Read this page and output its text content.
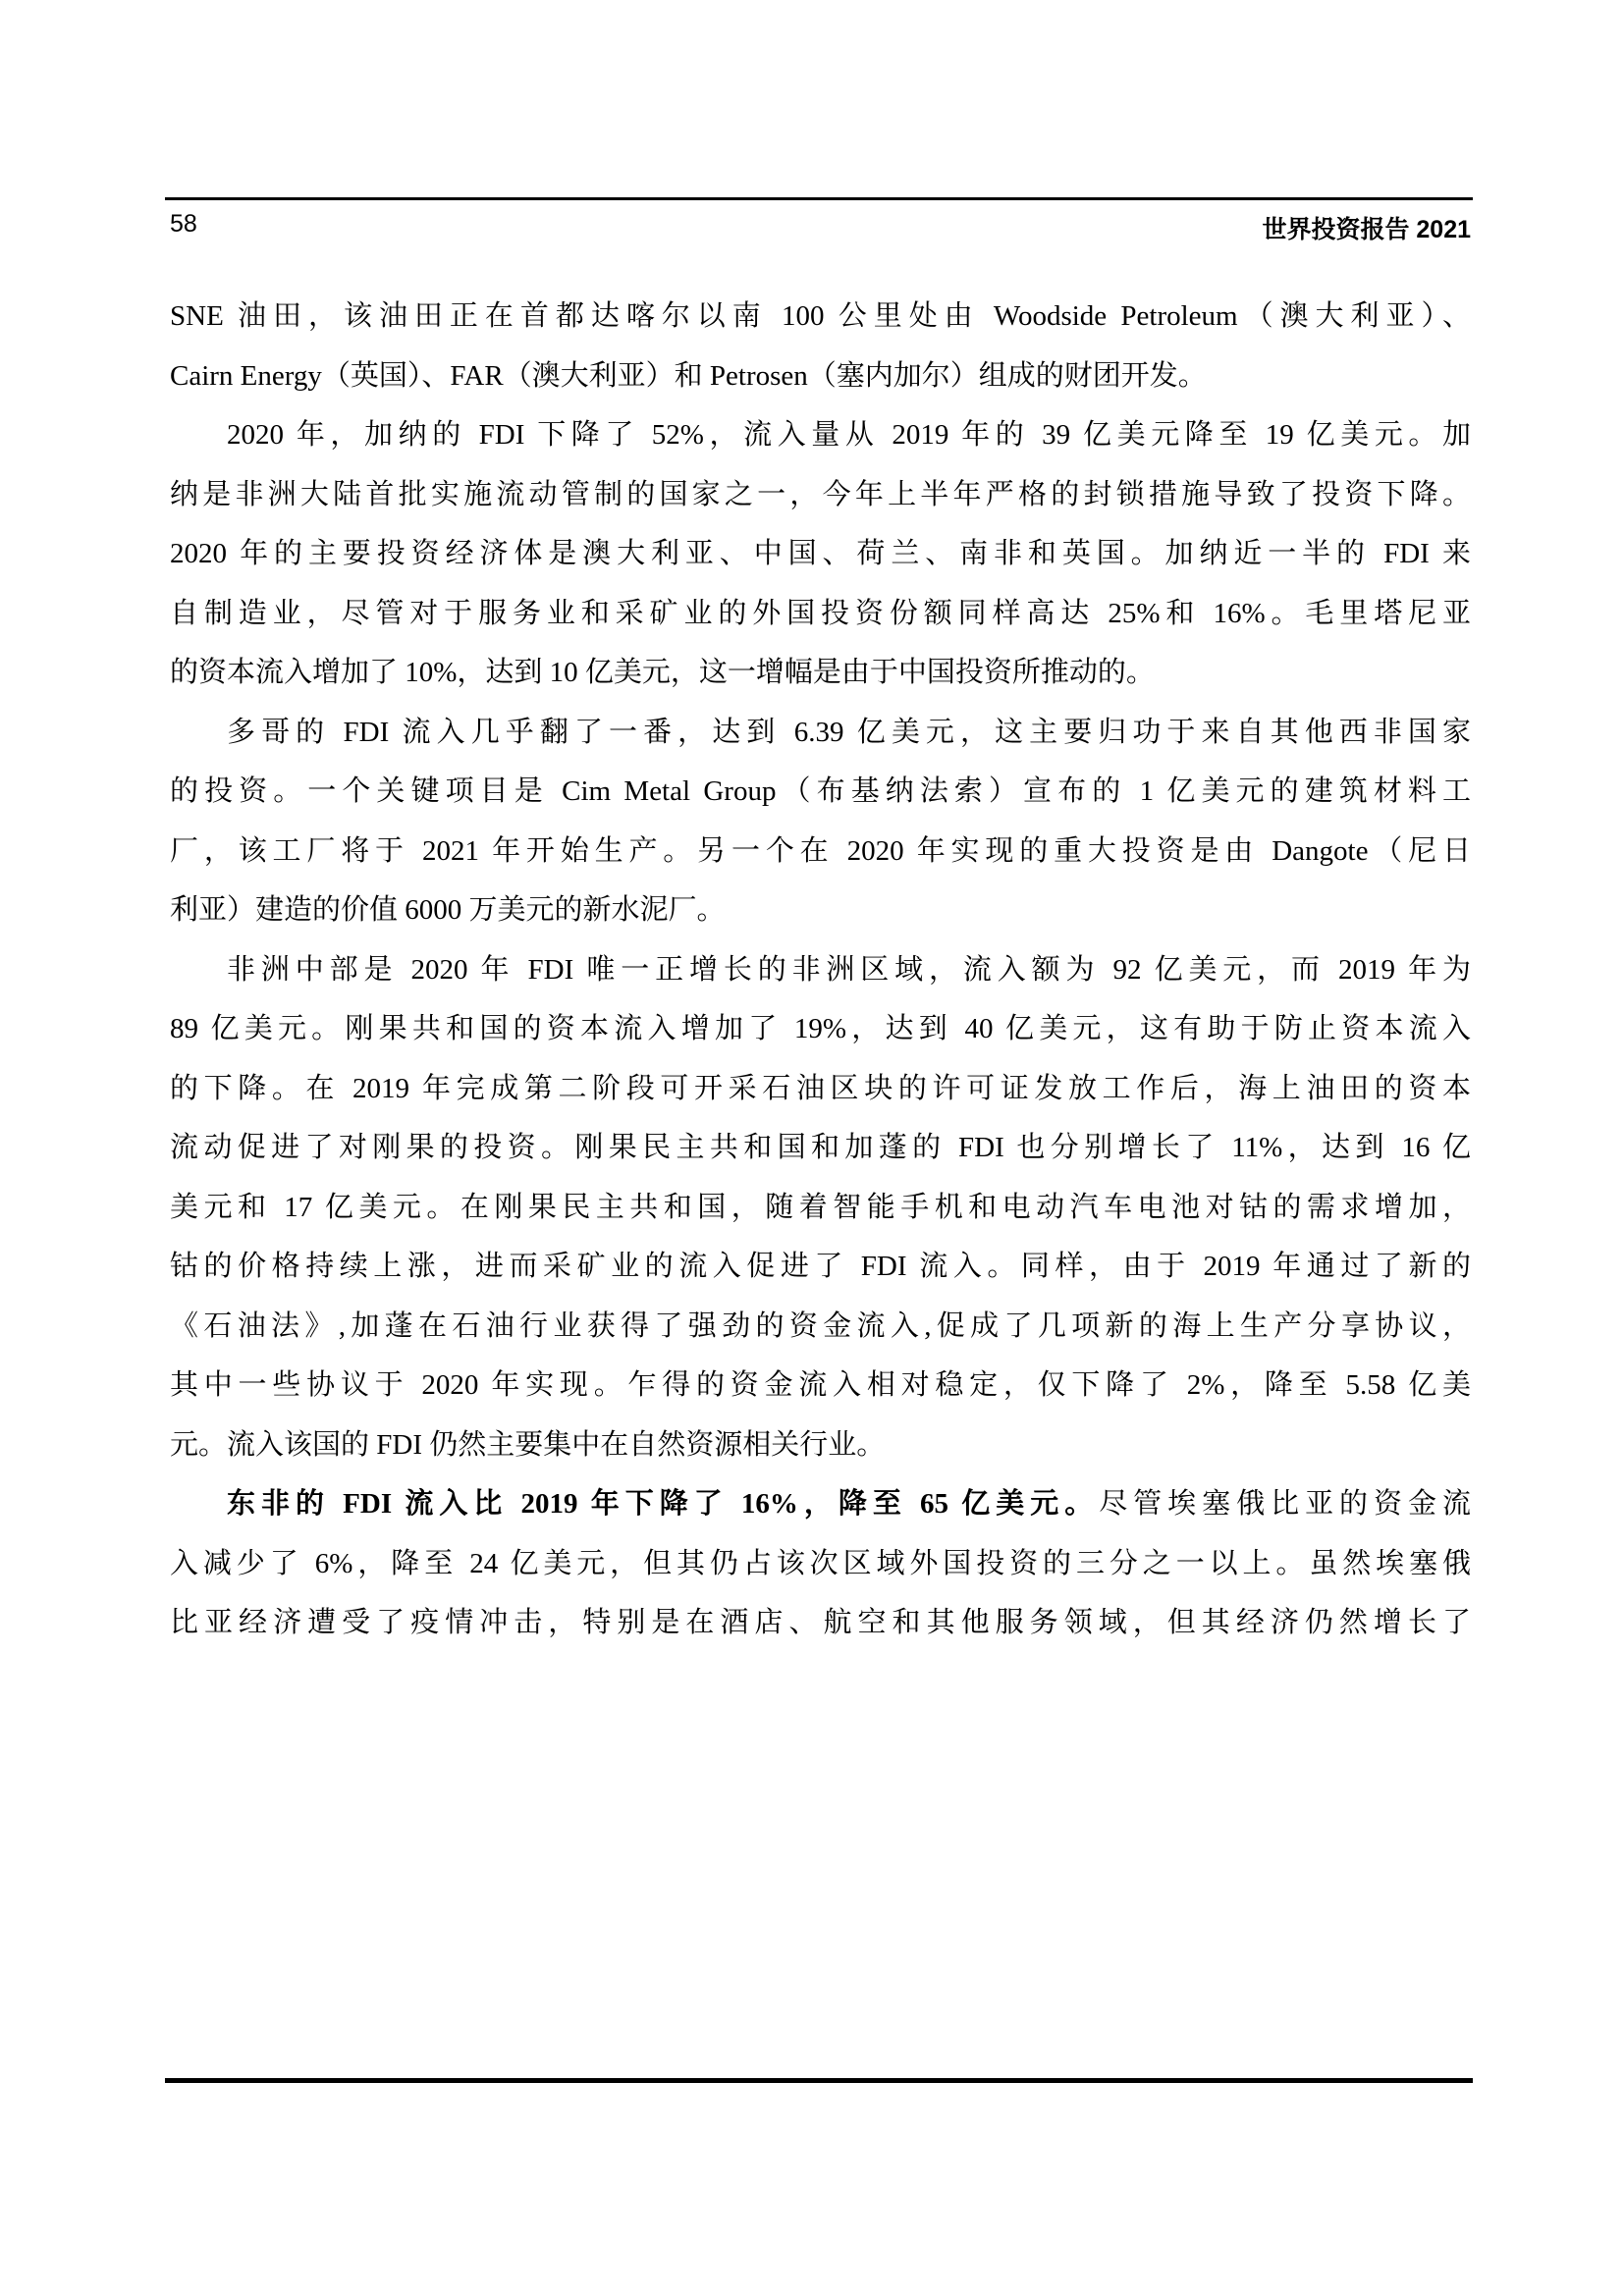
58	世界投资报告 2021
SNE 油田，该油田正在首都达喀尔以南 100 公里处由 Woodside Petroleum（澳大利亚）、
Cairn Energy（英国）、FAR（澳大利亚）和 Petrosen（塞内加尔）组成的财团开发。
2020 年，加纳的 FDI 下降了 52%，流入量从 2019 年的 39 亿美元降至 19 亿美元。加
纳是非洲大陆首批实施流动管制的国家之一，今年上半年严格的封锁措施导致了投资下降。
2020 年的主要投资经济体是澳大利亚、中国、荷兰、南非和英国。加纳近一半的 FDI 来
自制造业，尽管对于服务业和采矿业的外国投资份额同样高达 25%和 16%。毛里塔尼亚
的资本流入增加了 10%，达到 10 亿美元，这一增幅是由于中国投资所推动的。
多哥的 FDI 流入几乎翻了一番，达到 6.39 亿美元，这主要归功于来自其他西非国家
的投资。一个关键项目是 Cim Metal Group（布基纳法索）宣布的 1 亿美元的建筑材料工
厂，该工厂将于 2021 年开始生产。另一个在 2020 年实现的重大投资是由 Dangote（尼日
利亚）建造的价值 6000 万美元的新水泥厂。
非洲中部是 2020 年 FDI 唯一正增长的非洲区域，流入额为 92 亿美元，而 2019 年为
89 亿美元。刚果共和国的资本流入增加了 19%，达到 40 亿美元，这有助于防止资本流入
的下降。在 2019 年完成第二阶段可开采石油区块的许可证发放工作后，海上油田的资本
流动促进了对刚果的投资。刚果民主共和国和加蓬的 FDI 也分别增长了 11%，达到 16 亿
美元和 17 亿美元。在刚果民主共和国，随着智能手机和电动汽车电池对钴的需求增加，
钴的价格持续上涨，进而采矿业的流入促进了 FDI 流入。同样，由于 2019 年通过了新的
《石油法》,加蓬在石油行业获得了强劲的资金流入,促成了几项新的海上生产分享协议，
其中一些协议于 2020 年实现。乍得的资金流入相对稳定，仅下降了 2%，降至 5.58 亿美
元。流入该国的 FDI 仍然主要集中在自然资源相关行业。
东非的 FDI 流入比 2019 年下降了 16%，降至 65 亿美元。尽管埃塞俄比亚的资金流
入减少了 6%，降至 24 亿美元，但其仍占该次区域外国投资的三分之一以上。虽然埃塞俄
比亚经济遭受了疫情冲击，特别是在酒店、航空和其他服务领域，但其经济仍然增长了
